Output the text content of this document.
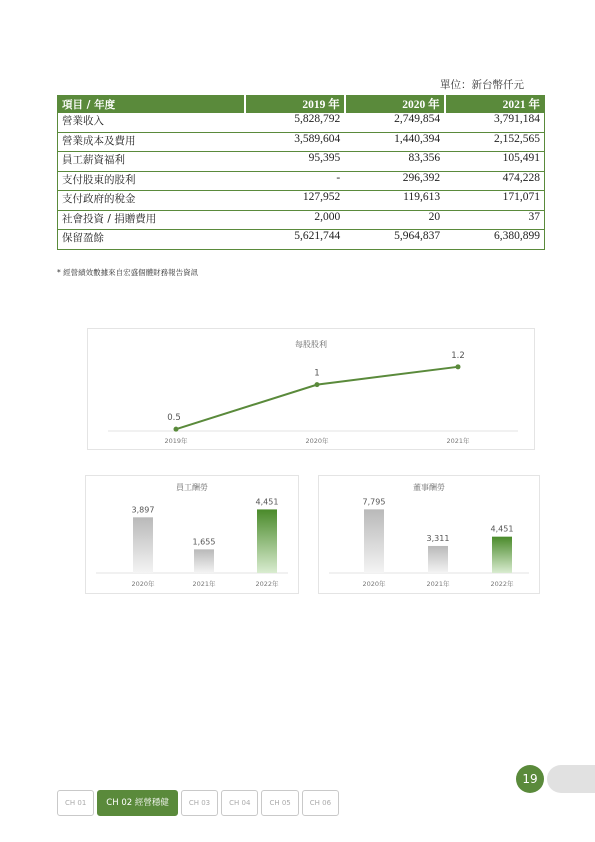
單位：新台幣仟元
項目 / 年度	2019 年	2020 年	2021 年
營業收入	5,828,792	2,749,854	3,791,184
營業成本及費用	3,589,604	1,440,394	2,152,565
員工薪資福利	95,395	83,356	105,491
支付股東的股利	-	296,392	474,228
支付政府的稅金	127,952	119,613	171,071
社會投資 / 捐贈費用	2,000	20	37
保留盈餘	5,621,744	5,964,837	6,380,899
* 經營績效數據來自宏盛個體財務報告資訊
每股股利
0.5
2019年
1
2020年
1.2
2021年
員工酬勞
3,897
2020年
1,655
2021年
4,451
2022年
董事酬勞
7,795
2020年
3,311
2021年
4,451
2022年
19
CH 01	CH 02 經營穩健	CH 03	CH 04	CH 05	CH 06
